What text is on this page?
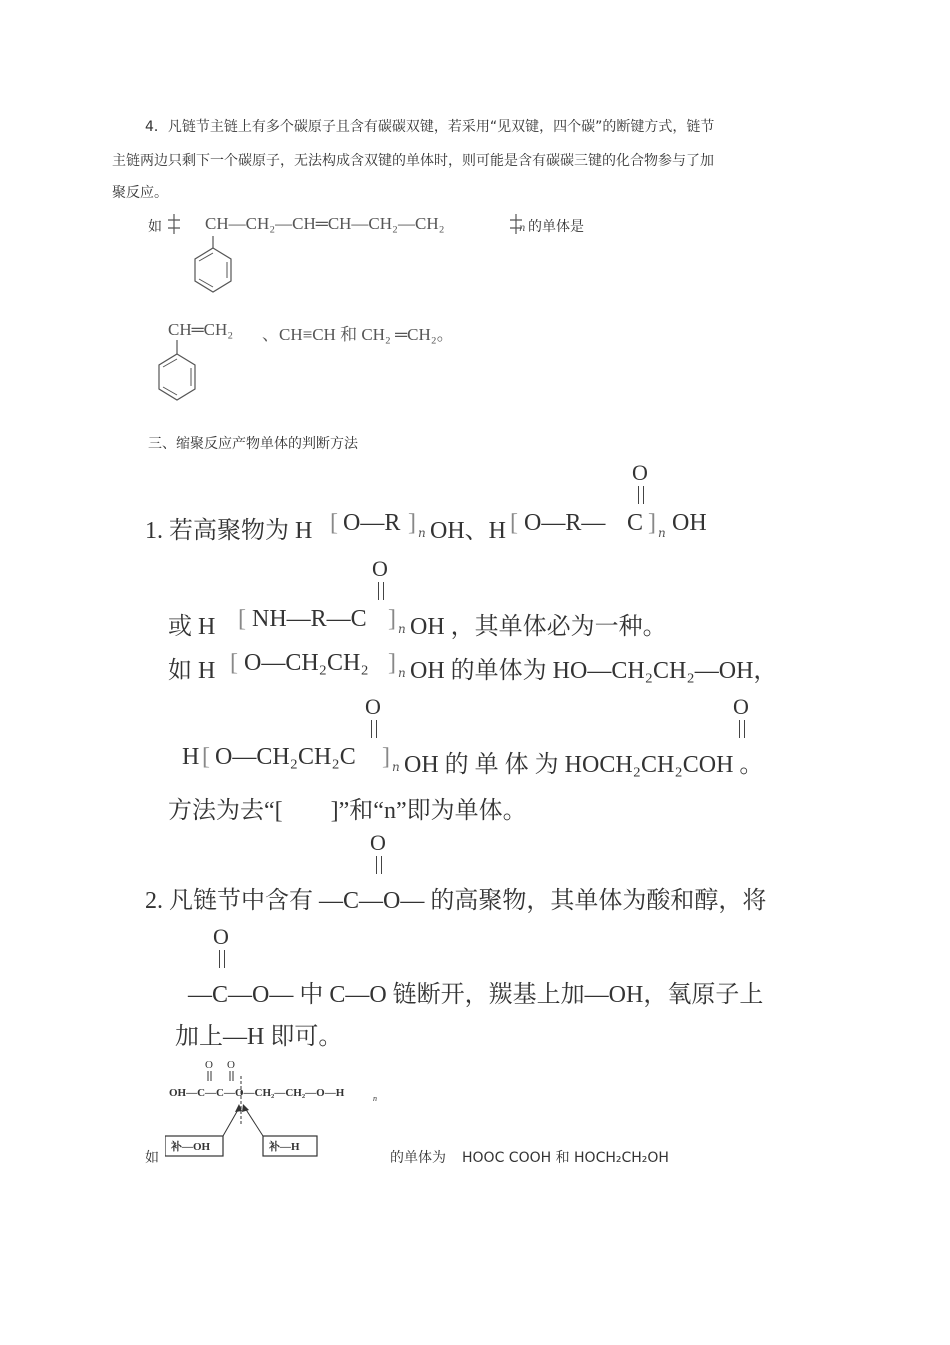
4．凡链节主链上有多个碳原子且含有碳碳双键，若采用“见双键，四个碳”的断键方式，链节
主链两边只剩下一个碳原子，无法构成含双键的单体时，则可能是含有碳碳三键的化合物参与了加
聚反应。
如	CH—CH₂—CH═CH—CH₂—CH₂	n 的单体是
CH═CH₂ 、CH≡CH 和 CH₂ ═CH₂。
三、缩聚反应产物单体的判断方法
O
1. 若高聚物为 H [ O—R ] n OH、H [ O—R— C ] n OH
O
或 H [ NH—R—C ] n OH ，其单体必为一种。
如 H [ O—CH₂CH₂ ] n OH 的单体为 HO—CH₂CH₂—OH，
O	O
H [ O—CH₂CH₂C ] n OH 的 单 体 为 HOCH₂CH₂COH 。
方法为去“[　　]”和“n”即为单体。
O
2. 凡链节中含有 —C—O— 的高聚物，其单体为酸和醇，将
O
—C—O— 中 C—O 链断开，羰基上加—OH，氧原子上
加上—H 即可。
O O
OH—C—C—O—CH₂—CH₂—O—H	n
补—OH	补—H
如	的单体为 HOOC COOH 和 HOCH₂CH₂OH
